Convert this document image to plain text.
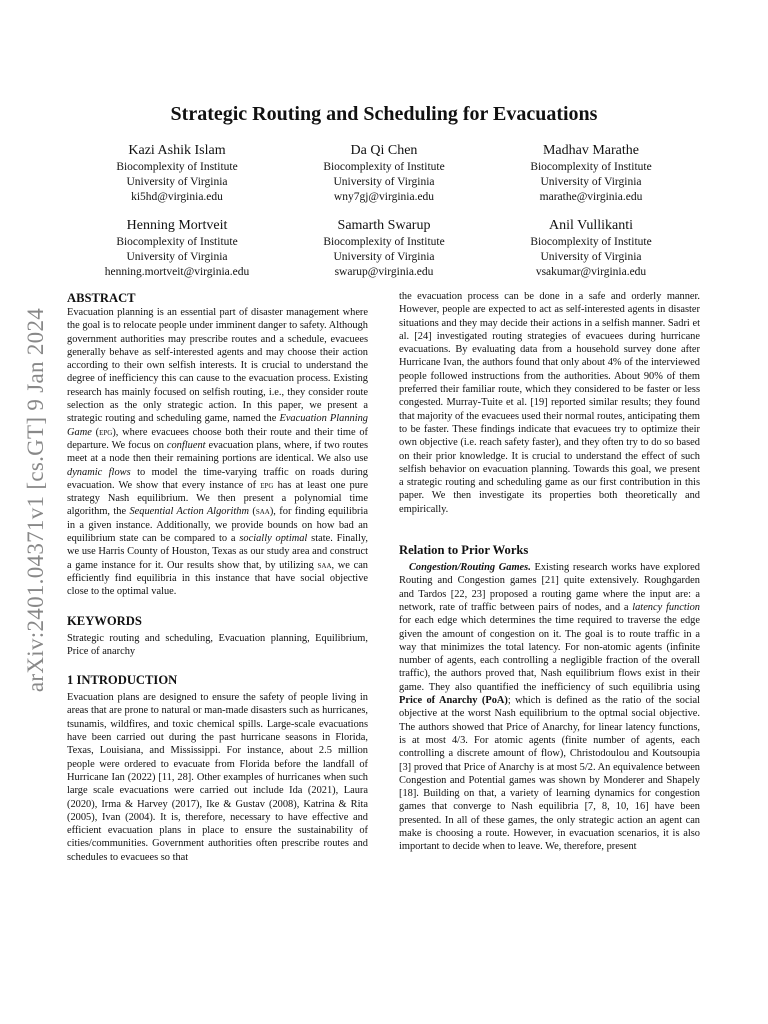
arXiv:2401.04371v1 [cs.GT] 9 Jan 2024
Strategic Routing and Scheduling for Evacuations
Kazi Ashik Islam
Biocomplexity of Institute
University of Virginia
ki5hd@virginia.edu
Da Qi Chen
Biocomplexity of Institute
University of Virginia
wny7gj@virginia.edu
Madhav Marathe
Biocomplexity of Institute
University of Virginia
marathe@virginia.edu
Henning Mortveit
Biocomplexity of Institute
University of Virginia
henning.mortveit@virginia.edu
Samarth Swarup
Biocomplexity of Institute
University of Virginia
swarup@virginia.edu
Anil Vullikanti
Biocomplexity of Institute
University of Virginia
vsakumar@virginia.edu
ABSTRACT

Evacuation planning is an essential part of disaster management where the goal is to relocate people under imminent danger to safety. Although government authorities may prescribe routes and a schedule, evacuees generally behave as self-interested agents and may choose their action according to their own selfish interests. It is crucial to understand the degree of inefficiency this can cause to the evacuation process. Existing research has mainly focused on selfish routing, i.e., they consider route selection as the only strategic action. In this paper, we present a strategic routing and scheduling game, named the Evacuation Planning Game (epg), where evacuees choose both their route and their time of departure. We focus on confluent evacuation plans, where, if two routes meet at a node then their remaining portions are identical. We also use dynamic flows to model the time-varying traffic on roads during evacuation. We show that every instance of epg has at least one pure strategy Nash equilibrium. We then present a polynomial time algorithm, the Sequential Action Algorithm (saa), for finding equilibria in a given instance. Additionally, we provide bounds on how bad an equilibrium state can be compared to a socially optimal state. Finally, we use Harris County of Houston, Texas as our study area and construct a game instance for it. Our results show that, by utilizing saa, we can efficiently find equilibria in this instance that have social objective close to the optimal value.

KEYWORDS

Strategic routing and scheduling, Evacuation planning, Equilibrium, Price of anarchy

1 INTRODUCTION

Evacuation plans are designed to ensure the safety of people living in areas that are prone to natural or man-made disasters such as hurricanes, tsunamis, wildfires, and toxic chemical spills. Large-scale evacuations have been carried out during the past hurricane seasons in Florida, Texas, Louisiana, and Mississippi. For instance, about 2.5 million people were ordered to evacuate from Florida before the landfall of Hurricane Ian (2022) [11, 28]. Other examples of hurricanes when such large scale evacuations were carried out include Ida (2021), Laura (2020), Irma & Harvey (2017), Ike & Gustav (2008), Katrina & Rita (2005), Ivan (2004). It is, therefore, necessary to have effective and efficient evacuation plans in place to ensure the sustainability of cities/communities. Government authorities often prescribe routes and schedules to evacuees so that

the evacuation process can be done in a safe and orderly manner. However, people are expected to act as self-interested agents in disaster situations and they may decide their actions in a selfish manner. Sadri et al. [24] investigated routing strategies of evacuees during hurricane evacuations. By evaluating data from a household survey done after Hurricane Ivan, the authors found that only about 4% of the interviewed people followed instructions from the authorities. About 90% of them preferred their familiar route, which they considered to be faster or less congested. Murray-Tuite et al. [19] reported similar results; they found that majority of the evacuees used their normal routes, anticipating them to be faster. These findings indicate that evacuees try to optimize their own objective (i.e. reach safety faster), and they often try to do so based on their prior knowledge. It is crucial to understand the effect of such selfish behavior on evacuation planning. Towards this goal, we present a strategic routing and scheduling game as our first contribution in this paper. We then investigate its properties both theoretically and empirically.

Relation to Prior Works

Congestion/Routing Games. Existing research works have explored Routing and Congestion games [21] quite extensively. Roughgarden and Tardos [22, 23] proposed a routing game where the input are: a network, rate of traffic between pairs of nodes, and a latency function for each edge which determines the time required to traverse the edge given the amount of congestion on it. The goal is to route traffic in a way that minimizes the total latency. For non-atomic agents (infinite number of agents, each controlling a negligible fraction of the overall traffic), the authors proved that, Nash equilibrium flows exist in their game. They also quantified the inefficiency of such equilibria using Price of Anarchy (PoA); which is defined as the ratio of the social objective at the worst Nash equilibrium to the optmal social objective. The authors showed that Price of Anarchy, for linear latency functions, is at most 4/3. For atomic agents (finite number of agents, each controlling a discrete amount of flow), Christodoulou and Koutsoupia [3] proved that Price of Anarchy is at most 5/2. An equivalence between Congestion and Potential games was shown by Monderer and Shapely [18]. Building on that, a variety of learning dynamics for congestion games that converge to Nash equilibria [7, 8, 10, 16] have been presented. In all of these games, the only strategic action an agent can make is choosing a route. However, in evacuation scenarios, it is also important to decide when to leave. We, therefore, present
